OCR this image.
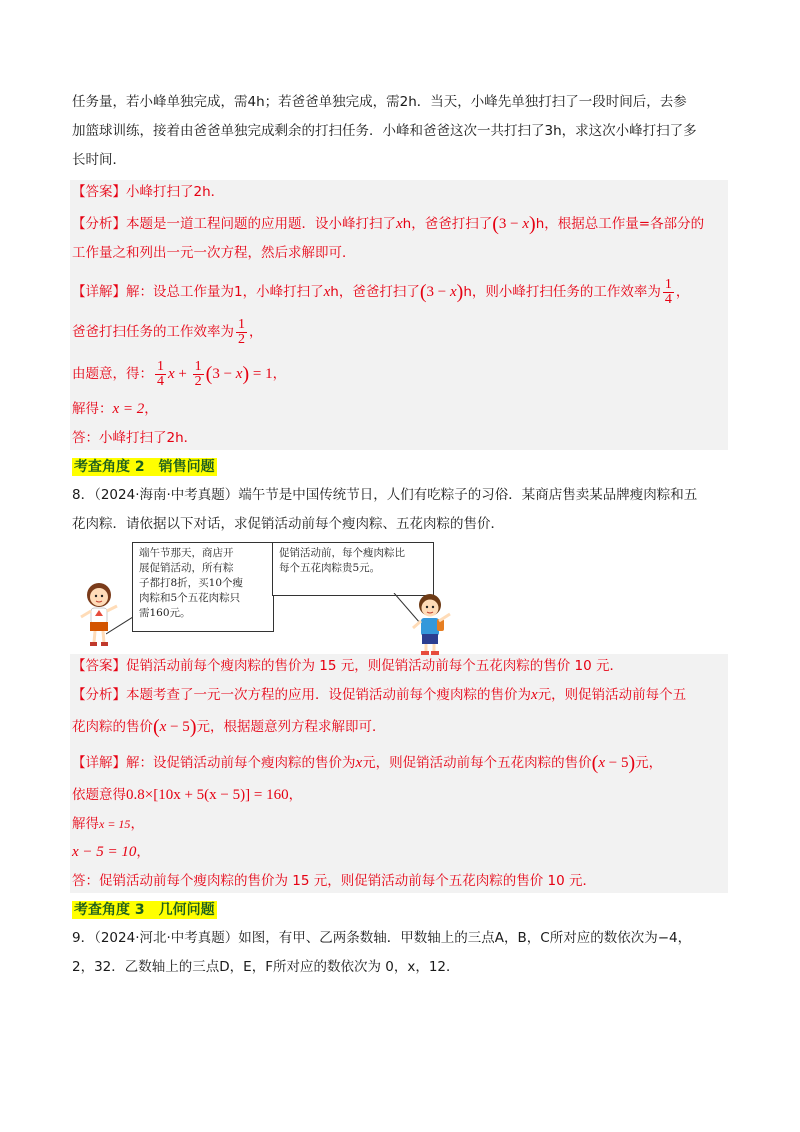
任务量，若小峰单独完成，需4h；若爸爸单独完成，需2h．当天，小峰先单独打扫了一段时间后，去参

加篮球训练，接着由爸爸单独完成剩余的打扫任务．小峰和爸爸这次一共打扫了3h，求这次小峰打扫了多

长时间．

【答案】小峰打扫了2h．

【分析】本题是一道工程问题的应用题．设小峰打扫了xh，爸爸打扫了(3 − x)h，根据总工作量=各部分的

工作量之和列出一元一次方程，然后求解即可．

【详解】解：设总工作量为1，小峰打扫了xh，爸爸打扫了(3 − x)h，则小峰打扫任务的工作效率为 $\frac{1}{4}$ ，

爸爸打扫任务的工作效率为 $\frac{1}{2}$ ，

由题意，得： $\frac{1}{4}$ $x + \frac{1}{2} (3 - x) = 1$，

解得：x = 2，

答：小峰打扫了2h．

考查角度 2　销售问题

8．（2024·海南·中考真题）端午节是中国传统节日，人们有吃粽子的习俗．某商店售卖某品牌瘦肉粽和五

花肉粽．请依据以下对话，求促销活动前每个瘦肉粽、五花肉粽的售价．

端午节那天，商店开
展促销活动，所有粽
子都打8折，买10个瘦
肉粽和5个五花肉粽只
需160元。
促销活动前，每个瘦肉粽比
每个五花肉粽贵5元。

【答案】促销活动前每个瘦肉粽的售价为 15 元，则促销活动前每个五花肉粽的售价 10 元．

【分析】本题考查了一元一次方程的应用．设促销活动前每个瘦肉粽的售价为x元，则促销活动前每个五

花肉粽的售价(x − 5)元，根据题意列方程求解即可．

【详解】解：设促销活动前每个瘦肉粽的售价为x元，则促销活动前每个五花肉粽的售价(x − 5)元，

依题意得0.8×[10x + 5(x − 5)] = 160，

解得x = 15，

x − 5 = 10，

答：促销活动前每个瘦肉粽的售价为 15 元，则促销活动前每个五花肉粽的售价 10 元．

考查角度 3　几何问题

9．（2024·河北·中考真题）如图，有甲、乙两条数轴．甲数轴上的三点A，B，C所对应的数依次为−4，

2，32．乙数轴上的三点D，E，F所对应的数依次为 0，x，12．
